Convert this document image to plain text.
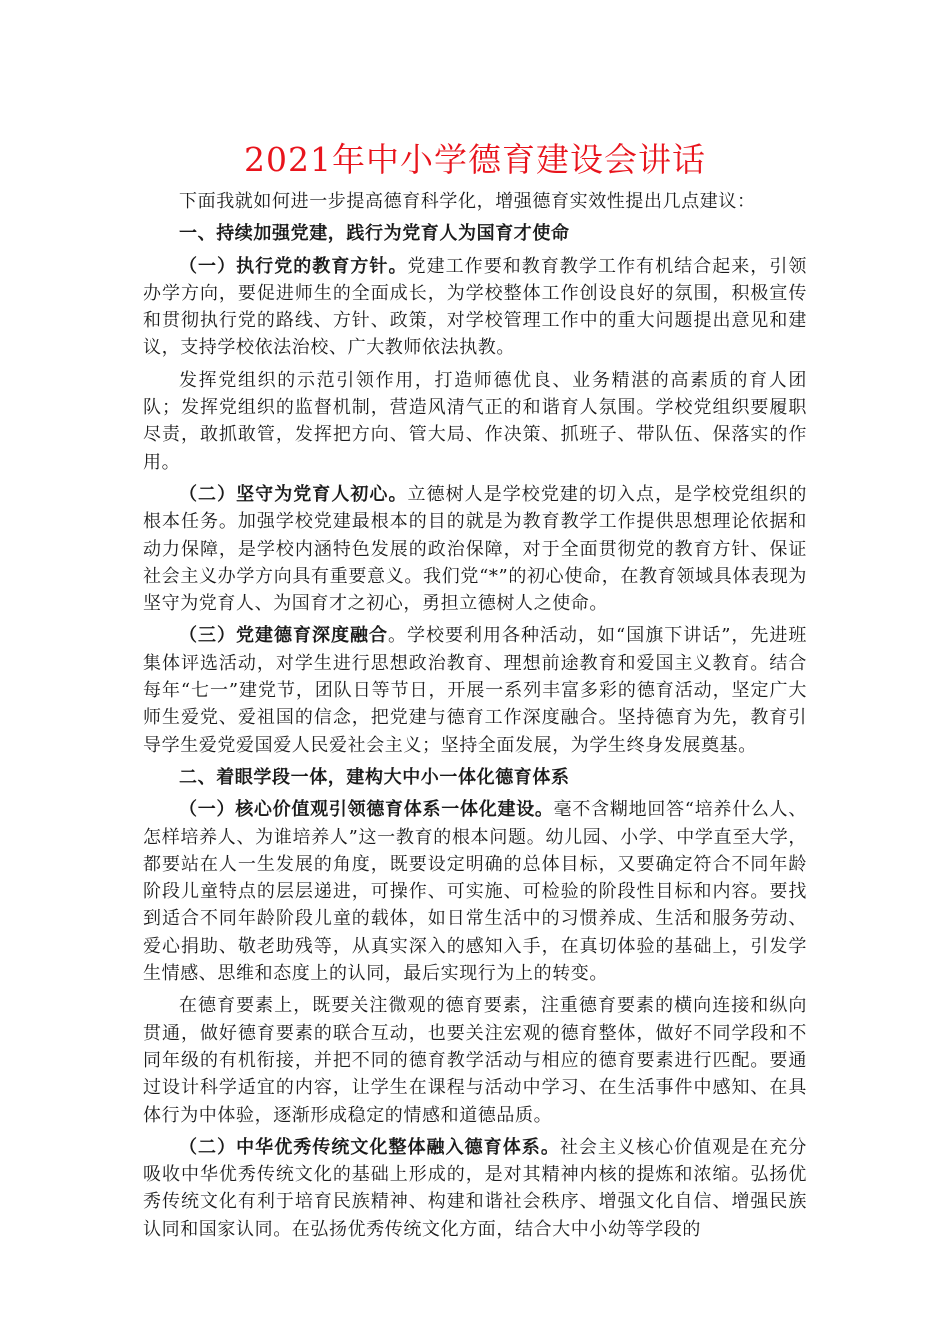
2021年中小学德育建设会讲话

下面我就如何进一步提高德育科学化，增强德育实效性提出几点建议：

一、持续加强党建，践行为党育人为国育才使命

（一）执行党的教育方针。党建工作要和教育教学工作有机结合起来，引领办学方向，要促进师生的全面成长，为学校整体工作创设良好的氛围，积极宣传和贯彻执行党的路线、方针、政策，对学校管理工作中的重大问题提出意见和建议，支持学校依法治校、广大教师依法执教。

发挥党组织的示范引领作用，打造师德优良、业务精湛的高素质的育人团队；发挥党组织的监督机制，营造风清气正的和谐育人氛围。学校党组织要履职尽责，敢抓敢管，发挥把方向、管大局、作决策、抓班子、带队伍、保落实的作用。

（二）坚守为党育人初心。立德树人是学校党建的切入点，是学校党组织的根本任务。加强学校党建最根本的目的就是为教育教学工作提供思想理论依据和动力保障，是学校内涵特色发展的政治保障，对于全面贯彻党的教育方针、保证社会主义办学方向具有重要意义。我们党“*”的初心使命，在教育领域具体表现为坚守为党育人、为国育才之初心，勇担立德树人之使命。

（三）党建德育深度融合。学校要利用各种活动，如“国旗下讲话”，先进班集体评选活动，对学生进行思想政治教育、理想前途教育和爱国主义教育。结合每年“七一”建党节，团队日等节日，开展一系列丰富多彩的德育活动，坚定广大师生爱党、爱祖国的信念，把党建与德育工作深度融合。坚持德育为先，教育引导学生爱党爱国爱人民爱社会主义；坚持全面发展，为学生终身发展奠基。

二、着眼学段一体，建构大中小一体化德育体系

（一）核心价值观引领德育体系一体化建设。毫不含糊地回答“培养什么人、怎样培养人、为谁培养人”这一教育的根本问题。幼儿园、小学、中学直至大学，都要站在人一生发展的角度，既要设定明确的总体目标，又要确定符合不同年龄阶段儿童特点的层层递进，可操作、可实施、可检验的阶段性目标和内容。要找到适合不同年龄阶段儿童的载体，如日常生活中的习惯养成、生活和服务劳动、爱心捐助、敬老助残等，从真实深入的感知入手，在真切体验的基础上，引发学生情感、思维和态度上的认同，最后实现行为上的转变。

在德育要素上，既要关注微观的德育要素，注重德育要素的横向连接和纵向贯通，做好德育要素的联合互动，也要关注宏观的德育整体，做好不同学段和不同年级的有机衔接，并把不同的德育教学活动与相应的德育要素进行匹配。要通过设计科学适宜的内容，让学生在课程与活动中学习、在生活事件中感知、在具体行为中体验，逐渐形成稳定的情感和道德品质。

（二）中华优秀传统文化整体融入德育体系。社会主义核心价值观是在充分吸收中华优秀传统文化的基础上形成的，是对其精神内核的提炼和浓缩。弘扬优秀传统文化有利于培育民族精神、构建和谐社会秩序、增强文化自信、增强民族认同和国家认同。在弘扬优秀传统文化方面，结合大中小幼等学段的
